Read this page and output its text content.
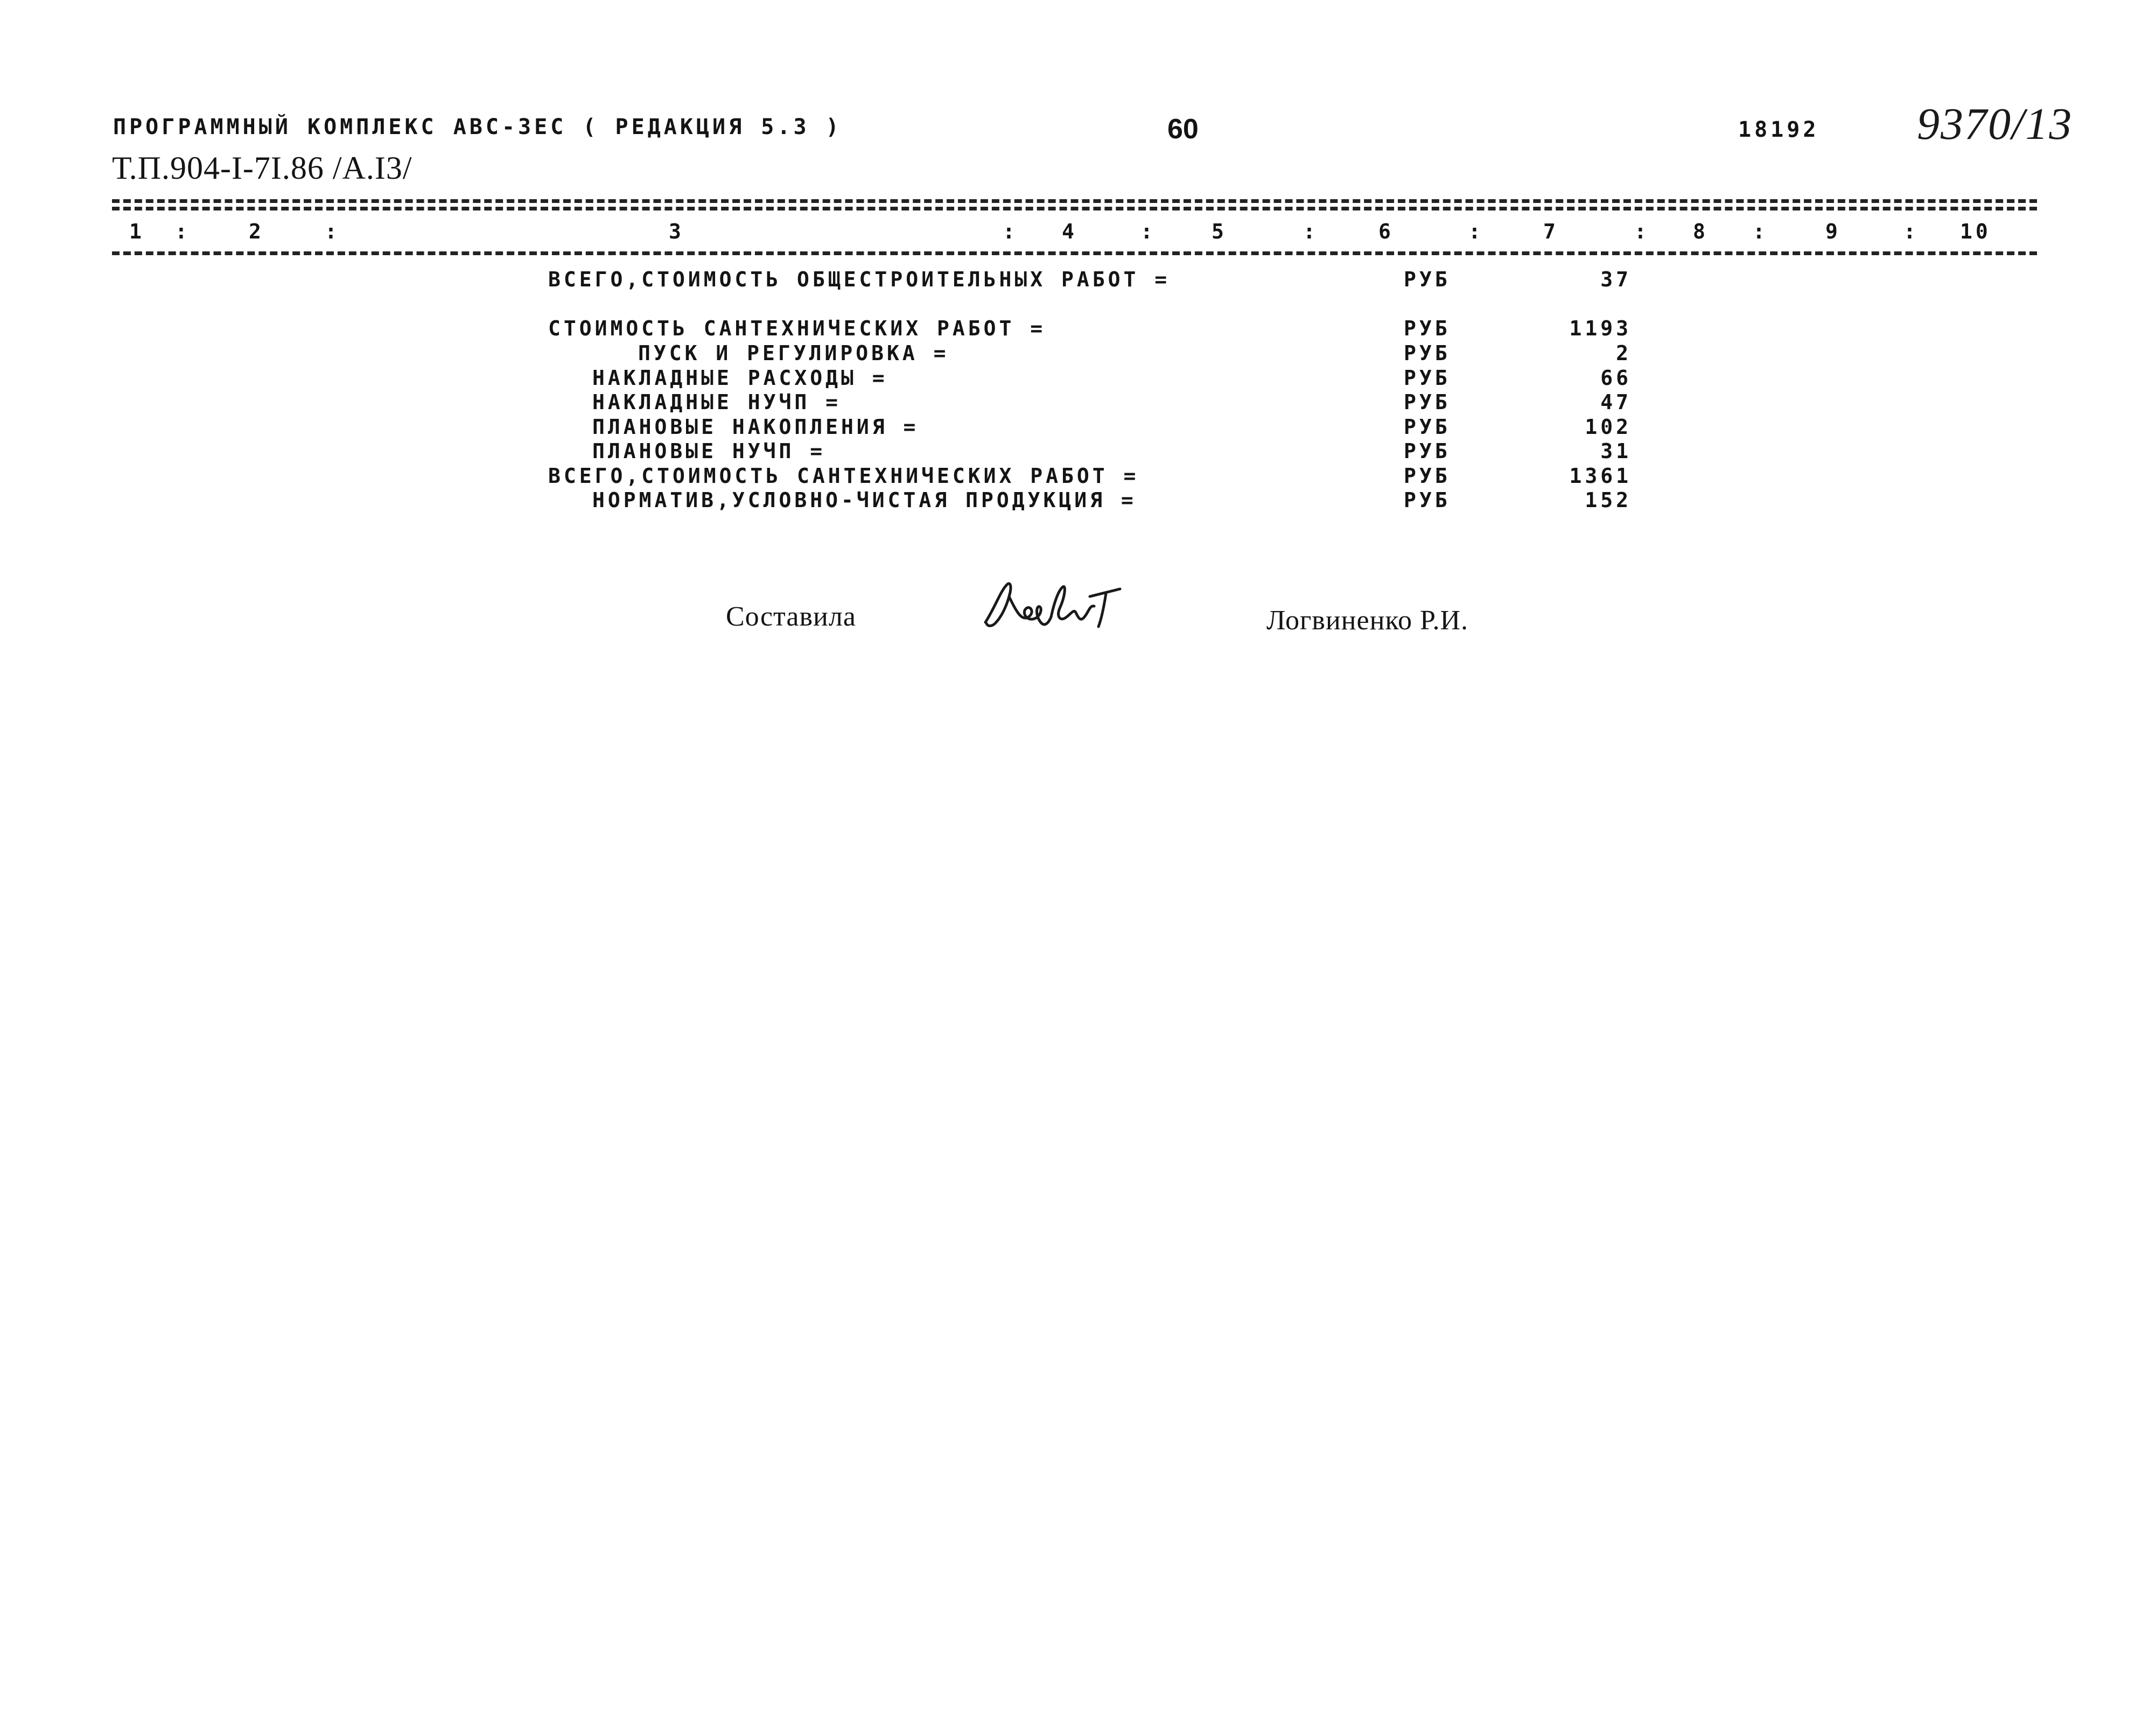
ПРОГРАММНЫЙ КОМПЛЕКС АВС-3ЕС ( РЕДАКЦИЯ 5.3 )	60	18192 9370/13
Т.П.904-I-7I.86 /А.I3/
1 :	2	:	3	: 4	:	5	:	6	:	7	: 8 :	9	: 10
ВСЕГО,СТОИМОСТЬ ОБЩЕСТРОИТЕЛЬНЫХ РАБОТ =	РУБ	37
СТОИМОСТЬ САНТЕХНИЧЕСКИХ РАБОТ =	РУБ	1193
ПУСК И РЕГУЛИРОВКА =	РУБ	2
НАКЛАДНЫЕ РАСХОДЫ =	РУБ	66
НАКЛАДНЫЕ НУЧП =	РУБ	47
ПЛАНОВЫЕ НАКОПЛЕНИЯ =	РУБ	102
ПЛАНОВЫЕ НУЧП =	РУБ	31
ВСЕГО,СТОИМОСТЬ САНТЕХНИЧЕСКИХ РАБОТ =	РУБ	1361
НОРМАТИВ,УСЛОВНО-ЧИСТАЯ ПРОДУКЦИЯ =	РУБ	152
Составила	Логвиненко Р.И.
